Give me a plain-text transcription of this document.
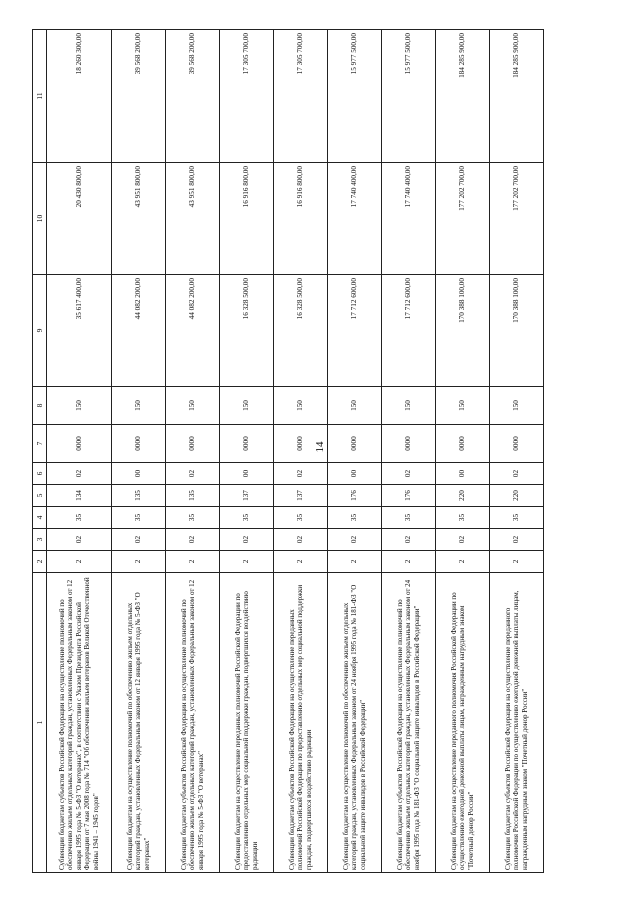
14
1	2	3	4	5	6	7	8	9	10	11
Субвенции бюджетам субъектов Российской Федерации на осуществление полномочий по обеспечению жильем отдельных категорий граждан, установленных Федеральным законом от 12 января 1995 года № 5-ФЗ "О ветеранах", в соответствии с Указом Президента Российской Федерации от 7 мая 2008 года № 714 "Об обеспечении жильем ветеранов Великой Отечественной войны 1941 – 1945 годов"	2	02	35	134	02	0000	150	35 617 400,00	20 430 800,00	18 260 300,00
Субвенции бюджетам на осуществление полномочий по обеспечению жильем отдельных категорий граждан, установленных Федеральным законом от 12 января 1995 года № 5-ФЗ "О ветеранах"	2	02	35	135	00	0000	150	44 082 200,00	43 951 800,00	39 568 200,00
Субвенции бюджетам субъектов Российской Федерации на осуществление полномочий по обеспечению жильем отдельных категорий граждан, установленных Федеральным законом от 12 января 1995 года № 5-ФЗ "О ветеранах"	2	02	35	135	02	0000	150	44 082 200,00	43 951 800,00	39 568 200,00
Субвенции бюджетам на осуществление переданных полномочий Российской Федерации по предоставлению отдельных мер социальной поддержки граждан, подвергшихся воздействию радиации	2	02	35	137	00	0000	150	16 328 500,00	16 916 800,00	17 305 700,00
Субвенции бюджетам субъектов Российской Федерации на осуществление переданных полномочий Российской Федерации по предоставлению отдельных мер социальной поддержки граждан, подвергшихся воздействию радиации	2	02	35	137	02	0000	150	16 328 500,00	16 916 800,00	17 305 700,00
Субвенции бюджетам на осуществление полномочий по обеспечению жильем отдельных категорий граждан, установленных Федеральным законом от 24 ноября 1995 года № 181-ФЗ "О социальной защите инвалидов в Российской Федерации"	2	02	35	176	00	0000	150	17 712 600,00	17 740 400,00	15 977 500,00
Субвенции бюджетам субъектов Российской Федерации на осуществление полномочий по обеспечению жильем отдельных категорий граждан, установленных Федеральным законом от 24 ноября 1995 года № 181-ФЗ "О социальной защите инвалидов в Российской Федерации"	2	02	35	176	02	0000	150	17 712 600,00	17 740 400,00	15 977 500,00
Субвенции бюджетам на осуществление переданного полномочия Российской Федерации по осуществлению ежегодной денежной выплаты лицам, награжденным нагрудным знаком "Почетный донор России"	2	02	35	220	00	0000	150	170 388 100,00	177 202 700,00	184 285 900,00
Субвенции бюджетам субъектов Российской Федерации на осуществление переданного полномочия Российской Федерации по осуществлению ежегодной денежной выплаты лицам, награжденным нагрудным знаком "Почетный донор России"	2	02	35	220	02	0000	150	170 388 100,00	177 202 700,00	184 285 900,00
